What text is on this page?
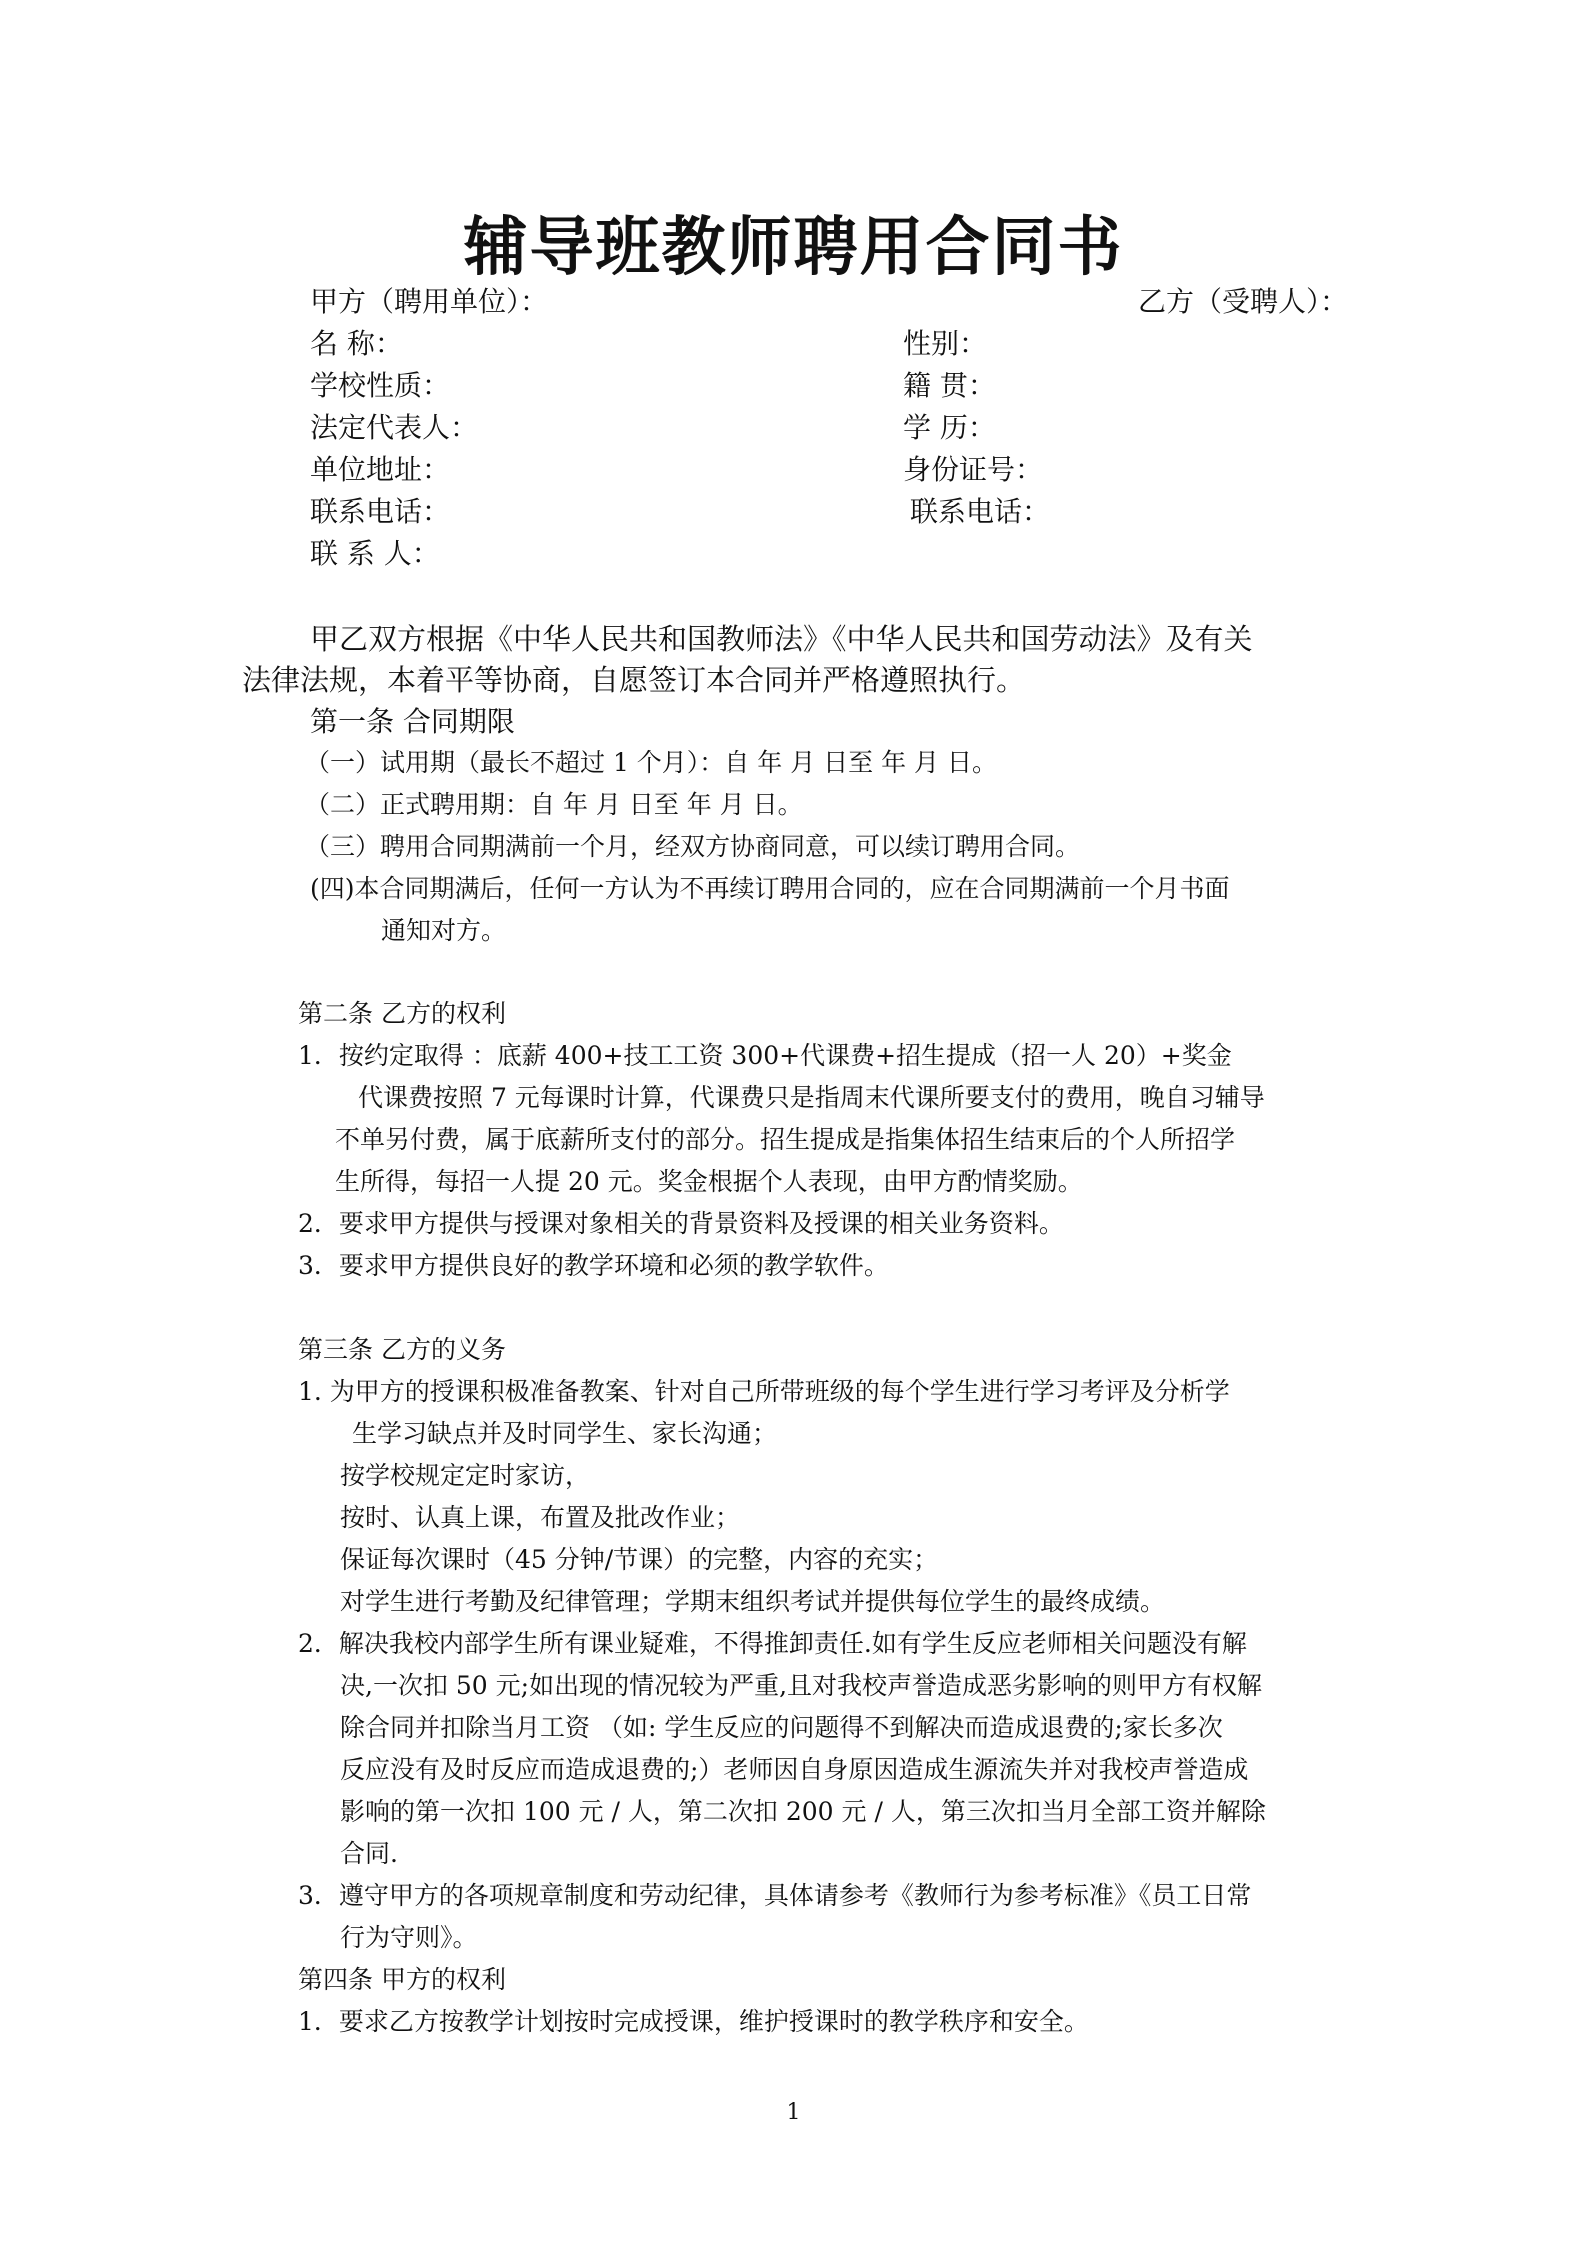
辅导班教师聘用合同书
甲方（聘用单位）：	乙方（受聘人）：
名 称：
学校性质：
法定代表人：
单位地址：
联系电话：
联 系 人：
性别：
籍 贯：
学 历：
身份证号：
联系电话：
甲乙双方根据《中华人民共和国教师法》《中华人民共和国劳动法》及有关
法律法规，本着平等协商，自愿签订本合同并严格遵照执行。
第一条 合同期限
（一）试用期（最长不超过 1 个月）：自 年 月 日至 年 月 日。
（二）正式聘用期：自 年 月 日至 年 月 日。
（三）聘用合同期满前一个月，经双方协商同意，可以续订聘用合同。
(四)本合同期满后，任何一方认为不再续订聘用合同的，应在合同期满前一个月书面
通知对方。
第二条 乙方的权利
1．按约定取得 ：底薪 400+技工工资 300+代课费+招生提成（招一人 20）+奖金
代课费按照 7 元每课时计算，代课费只是指周末代课所要支付的费用，晚自习辅导
不单另付费，属于底薪所支付的部分。招生提成是指集体招生结束后的个人所招学
生所得，每招一人提 20 元。奖金根据个人表现，由甲方酌情奖励。
2．要求甲方提供与授课对象相关的背景资料及授课的相关业务资料。
3．要求甲方提供良好的教学环境和必须的教学软件。
第三条 乙方的义务
1. 为甲方的授课积极准备教案、针对自己所带班级的每个学生进行学习考评及分析学
生学习缺点并及时同学生、家长沟通；
按学校规定定时家访，
按时、认真上课，布置及批改作业；
保证每次课时（45 分钟/节课）的完整，内容的充实；
对学生进行考勤及纪律管理；学期末组织考试并提供每位学生的最终成绩。
2．解决我校内部学生所有课业疑难，不得推卸责任.如有学生反应老师相关问题没有解
决,一次扣 50 元;如出现的情况较为严重,且对我校声誉造成恶劣影响的则甲方有权解
除合同并扣除当月工资 （如: 学生反应的问题得不到解决而造成退费的;家长多次
反应没有及时反应而造成退费的;）老师因自身原因造成生源流失并对我校声誉造成
影响的第一次扣 100 元 / 人，第二次扣 200 元 / 人，第三次扣当月全部工资并解除
合同.
3．遵守甲方的各项规章制度和劳动纪律，具体请参考《教师行为参考标准》《员工日常
行为守则》。
第四条 甲方的权利
1．要求乙方按教学计划按时完成授课，维护授课时的教学秩序和安全。
1
